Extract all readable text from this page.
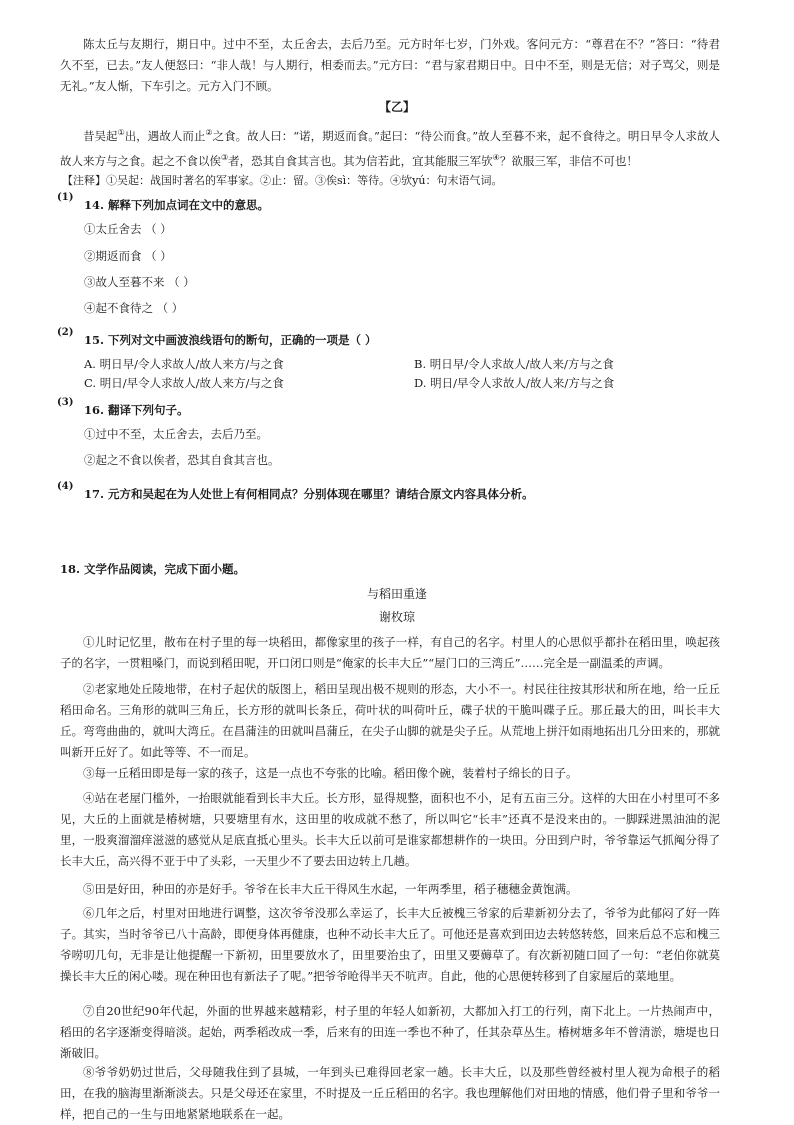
陈太丘与友期行，期日中。过中不至，太丘舍去，去后乃至。元方时年七岁，门外戏。客问元方：“尊君在不？”答曰：“待君久不至，已去。”友人便怒曰：“非人哉！与人期行，相委而去。”元方曰：“君与家君期日中。日中不至，则是无信；对子骂父，则是无礼。”友人惭，下车引之。元方入门不顾。

【乙】

昔吴起①出，遇故人而止②之食。故人曰：“诺，期返而食。”起曰：“待公而食。”故人至暮不来，起不食待之。明日早令人求故人故人来方与之食。起之不食以俟③者，恐其自食其言也。其为信若此，宜其能服三军欤④？欲服三军，非信不可也！

【注释】①吴起：战国时著名的军事家。②止：留。③俟sì：等待。④欤yú：句末语气词。
(1)
14. 解释下列加点词在文中的意思。
①太丘舍去 （ ）
②期返而食 （ ）
③故人至暮不来 （ ）
④起不食待之 （ ）
(2)
15. 下列对文中画波浪线语句的断句，正确的一项是（ ）
A. 明日早/令人求故人/故人来方/与之食	B. 明日早/令人求故人/故人来/方与之食
C. 明日/早令人求故人/故人来方/与之食	D. 明日/早令人求故人/故人来/方与之食
(3)
16. 翻译下列句子。
①过中不至，太丘舍去，去后乃至。
②起之不食以俟者，恐其自食其言也。
(4)
17. 元方和吴起在为人处世上有何相同点？分别体现在哪里？请结合原文内容具体分析。
18. 文学作品阅读，完成下面小题。
与稻田重逢
谢枚琼

①儿时记忆里，散布在村子里的每一块稻田，都像家里的孩子一样，有自己的名字。村里人的心思似乎都扑在稻田里，唤起孩子的名字，一贯粗嗓门，而说到稻田呢，开口闭口则是“俺家的长丰大丘”“屋门口的三湾丘”……完全是一副温柔的声调。

②老家地处丘陵地带，在村子起伏的版图上，稻田呈现出极不规则的形态，大小不一。村民往往按其形状和所在地，给一丘丘稻田命名。三角形的就叫三角丘，长方形的就叫长条丘，荷叶状的叫荷叶丘，碟子状的干脆叫碟子丘。那丘最大的田，叫长丰大丘。弯弯曲曲的，就叫大湾丘。在昌蒲洼的田就叫昌蒲丘，在尖子山脚的就是尖子丘。从荒地上拼汗如雨地拓出几分田来的，那就叫新开丘好了。如此等等、不一而足。

③每一丘稻田即是每一家的孩子，这是一点也不夸张的比喻。稻田像个碗，装着村子绵长的日子。

④站在老屋门槛外，一抬眼就能看到长丰大丘。长方形，显得规整，面积也不小，足有五亩三分。这样的大田在小村里可不多见，大丘的上面就是椿树塘，只要塘里有水，这田里的收成就不愁了，所以叫它“长丰”还真不是没来由的。一脚踩进黑油油的泥里，一股爽溜溜痒滋滋的感觉从足底直抵心里头。长丰大丘以前可是谁家都想耕作的一块田。分田到户时，爷爷靠运气抓阄分得了长丰大丘，高兴得不亚于中了头彩，一天里少不了要去田边转上几趟。

⑤田是好田，种田的亦是好手。爷爷在长丰大丘干得风生水起，一年两季里，稻子穗穗金黄饱满。

⑥几年之后，村里对田地进行调整，这次爷爷没那么幸运了，长丰大丘被槐三爷家的后辈新初分去了，爷爷为此郁闷了好一阵子。其实，当时爷爷已八十高龄，即便身体再健康，也种不动长丰大丘了。可他还是喜欢到田边去转悠转悠，回来后总不忘和槐三爷唠叨几句，无非是让他提醒一下新初，田里要放水了，田里要治虫了，田里又要薅草了。有次新初随口回了一句：“老伯你就莫操长丰大丘的闲心喽。现在种田也有新法子了呢。”把爷爷呛得半天不吭声。自此，他的心思便转移到了自家屋后的菜地里。

⑦自20世纪90年代起，外面的世界越来越精彩，村子里的年轻人如新初，大都加入打工的行列，南下北上。一片热闹声中，稻田的名字逐渐变得暗淡。起始，两季稻改成一季，后来有的田连一季也不种了，任其杂草丛生。椿树塘多年不曾清淤，塘堤也日渐破旧。

⑧爷爷奶奶过世后，父母随我住到了县城，一年到头已难得回老家一趟。长丰大丘，以及那些曾经被村里人视为命根子的稻田，在我的脑海里渐渐淡去。只是父母还在家里，不时提及一丘丘稻田的名字。我也理解他们对田地的情感，他们骨子里和爷爷一样，把自己的一生与田地紧紧地联系在一起。
